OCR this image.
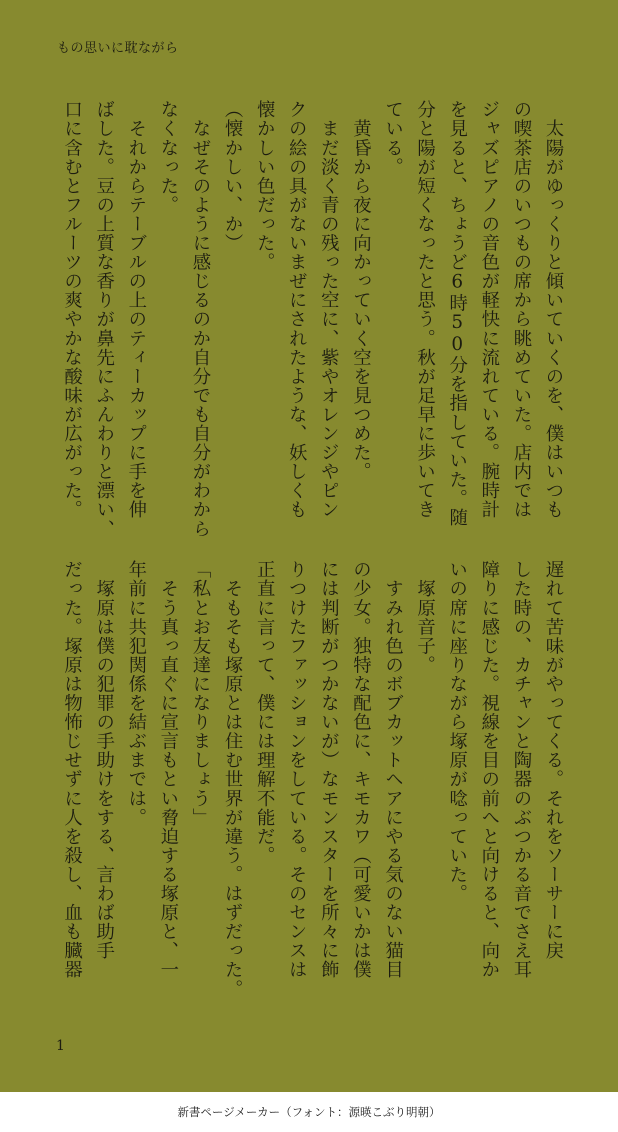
もの思いに耽ながら
　太陽がゆっくりと傾いていくのを、僕はいつも
の喫茶店のいつもの席から眺めていた。店内では
ジャズピアノの音色が軽快に流れている。腕時計
を見ると、ちょうど6時50分を指していた。随
分と陽が短くなったと思う。秋が足早に歩いてき
ている。
　黄昏から夜に向かっていく空を見つめた。
　まだ淡く青の残った空に、紫やオレンジやピン
クの絵の具がないまぜにされたような、妖しくも
懐かしい色だった。
（懐かしい、か）
　なぜそのように感じるのか自分でも自分がわから
なくなった。
　それからテーブルの上のティーカップに手を伸
ばした。豆の上質な香りが鼻先にふんわりと漂い、
口に含むとフルーツの爽やかな酸味が広がった。
遅れて苦味がやってくる。それをソーサーに戻
した時の、カチャンと陶器のぶつかる音でさえ耳
障りに感じた。視線を目の前へと向けると、向か
いの席に座りながら塚原が唸っていた。
　塚原音子。
　すみれ色のボブカットヘアにやる気のない猫目
の少女。独特な配色に、キモカワ（可愛いかは僕
には判断がつかないが）なモンスターを所々に飾
りつけたファッションをしている。そのセンスは
正直に言って、僕には理解不能だ。
　そもそも塚原とは住む世界が違う。はずだった。
「私とお友達になりましょう」
　そう真っ直ぐに宣言もとい脅迫する塚原と、一
年前に共犯関係を結ぶまでは。
　塚原は僕の犯罪の手助けをする、言わば助手
だった。塚原は物怖じせずに人を殺し、血も臓器
1
新書ページメーカー（フォント：源暎こぶり明朝）
